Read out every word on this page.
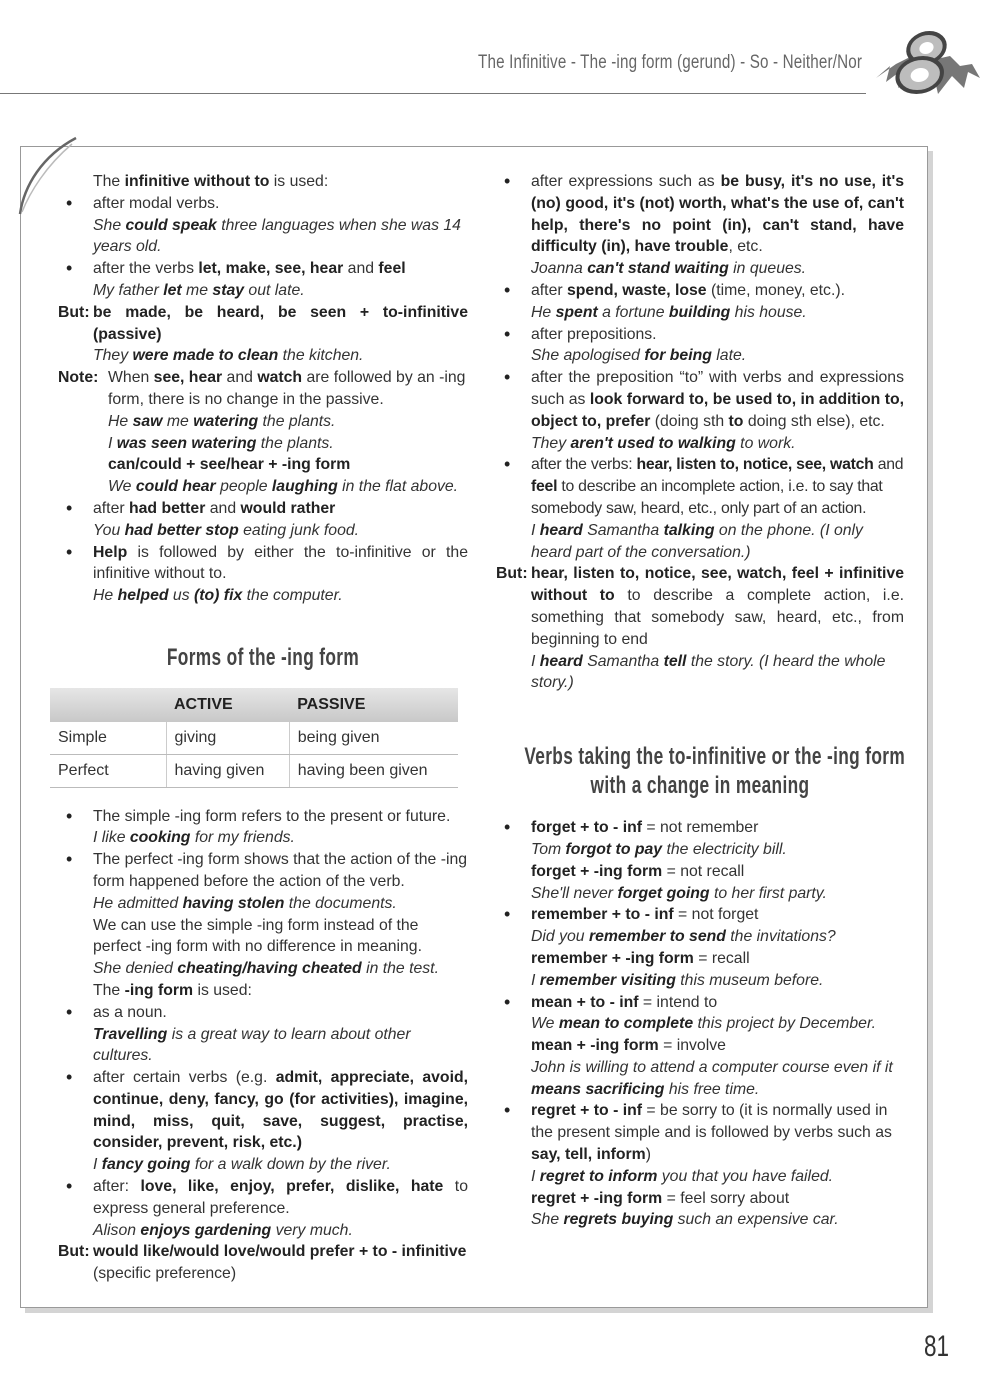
The Infinitive - The -ing form (gerund) - So - Neither/Nor
8

The infinitive without to is used:

• after modal verbs.

She could speak three languages when she was 14 years old.

• after the verbs let, make, see, hear and feel

My father let me stay out late.

But: be made, be heard, be seen + to-infinitive (passive)

They were made to clean the kitchen.

Note: When see, hear and watch are followed by an -ing form, there is no change in the passive.

He saw me watering the plants.

I was seen watering the plants.

can/could + see/hear + -ing form

We could hear people laughing in the flat above.

• after had better and would rather

You had better stop eating junk food.

• Help is followed by either the to-infinitive or the infinitive without to.

He helped us (to) fix the computer.

Forms of the -ing form
	ACTIVE	PASSIVE
Simple	giving	being given
Perfect	having given	having been given

• The simple -ing form refers to the present or future.

I like cooking for my friends.

• The perfect -ing form shows that the action of the -ing form happened before the action of the verb.

He admitted having stolen the documents.

We can use the simple -ing form instead of the perfect -ing form with no difference in meaning.

She denied cheating/having cheated in the test.

The -ing form is used:

• as a noun.

Travelling is a great way to learn about other cultures.

• after certain verbs (e.g. admit, appreciate, avoid, continue, deny, fancy, go (for activities), imagine, mind, miss, quit, save, suggest, practise, consider, prevent, risk, etc.)

I fancy going for a walk down by the river.

• after: love, like, enjoy, prefer, dislike, hate to express general preference.

Alison enjoys gardening very much.

But: would like/would love/would prefer + to - infinitive (specific preference)

• after expressions such as be busy, it's no use, it's (no) good, it's (not) worth, what's the use of, can't help, there's no point (in), can't stand, have difficulty (in), have trouble, etc.

Joanna can't stand waiting in queues.

• after spend, waste, lose (time, money, etc.).

He spent a fortune building his house.

• after prepositions.

She apologised for being late.

• after the preposition “to” with verbs and expressions such as look forward to, be used to, in addition to, object to, prefer (doing sth to doing sth else), etc.

They aren't used to walking to work.

• after the verbs: hear, listen to, notice, see, watch and feel to describe an incomplete action, i.e. to say that somebody saw, heard, etc., only part of an action.

I heard Samantha talking on the phone. (I only heard part of the conversation.)

But: hear, listen to, notice, see, watch, feel + infinitive without to to describe a complete action, i.e. something that somebody saw, heard, etc., from beginning to end

I heard Samantha tell the story. (I heard the whole story.)

Verbs taking the to-infinitive or the -ing form
with a change in meaning

• forget + to - inf = not remember

Tom forgot to pay the electricity bill.

forget + -ing form = not recall

She'll never forget going to her first party.

• remember + to - inf = not forget

Did you remember to send the invitations?

remember + -ing form = recall

I remember visiting this museum before.

• mean + to - inf = intend to

We mean to complete this project by December.

mean + -ing form = involve

John is willing to attend a computer course even if it means sacrificing his free time.

• regret + to - inf = be sorry to (it is normally used in the present simple and is followed by verbs such as say, tell, inform)

I regret to inform you that you have failed.

regret + -ing form = feel sorry about

She regrets buying such an expensive car.

81
